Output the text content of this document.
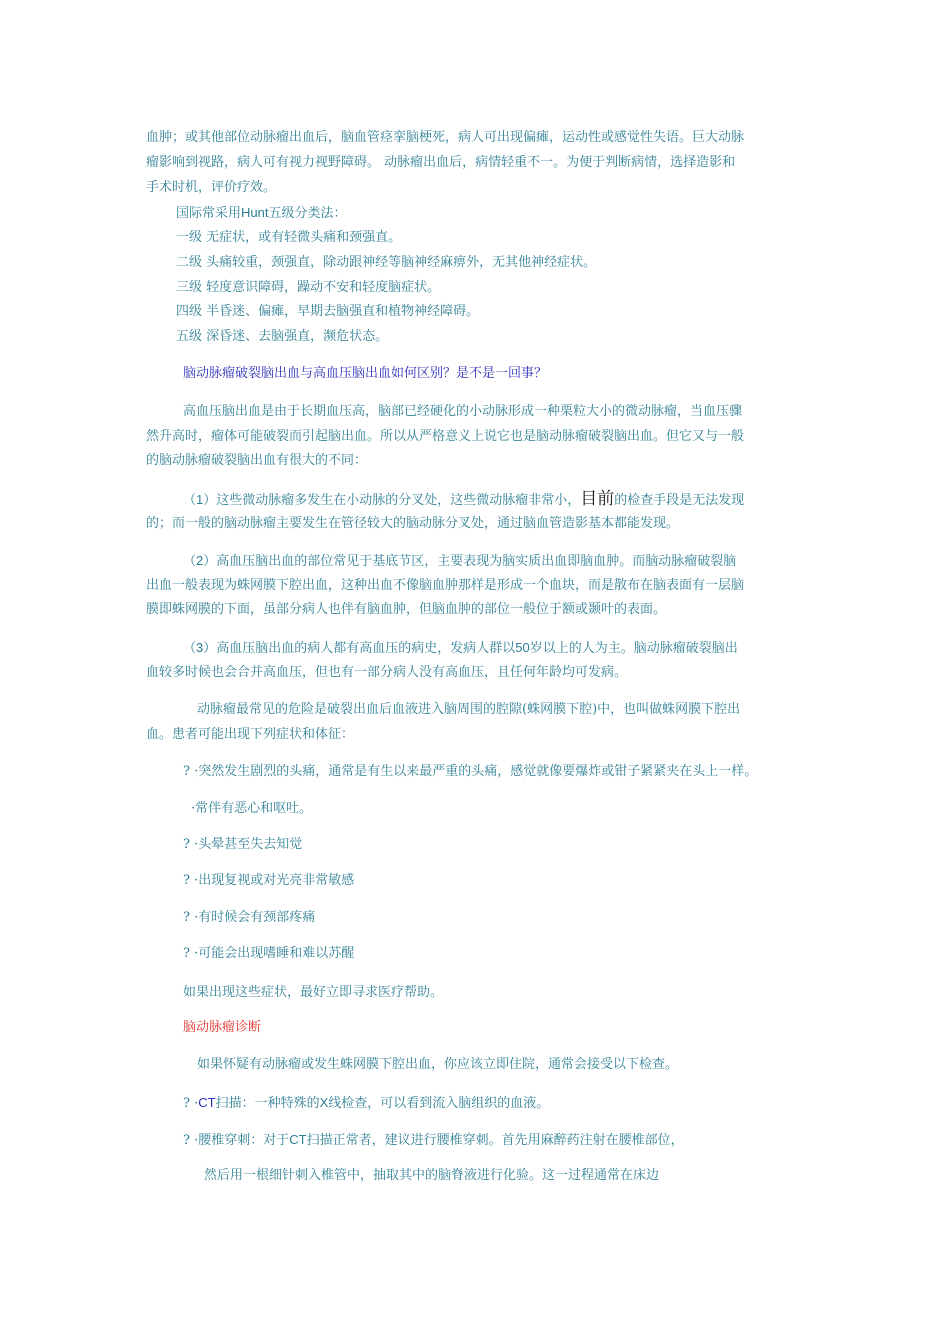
血肿；或其他部位动脉瘤出血后，脑血管痉挛脑梗死，病人可出现偏瘫，运动性或感觉性失语。巨大动脉
瘤影响到视路，病人可有视力视野障碍。 动脉瘤出血后，病情轻重不一。为便于判断病情，选择造影和
手术时机，评价疗效。
国际常采用Hunt五级分类法：
一级 无症状，或有轻微头痛和颈强直。
二级 头痛较重，颈强直，除动跟神经等脑神经麻痹外，无其他神经症状。
三级 轻度意识障碍，躁动不安和轻度脑症状。
四级 半昏迷、偏瘫，早期去脑强直和植物神经障碍。
五级 深昏迷、去脑强直，濒危状态。
脑动脉瘤破裂脑出血与高血压脑出血如何区别？是不是一回事？
高血压脑出血是由于长期血压高，脑部已经硬化的小动脉形成一种栗粒大小的微动脉瘤，当血压骤
然升高时，瘤体可能破裂而引起脑出血。所以从严格意义上说它也是脑动脉瘤破裂脑出血。但它又与一般
的脑动脉瘤破裂脑出血有很大的不同：
（1）这些微动脉瘤多发生在小动脉的分叉处，这些微动脉瘤非常小，目前的检查手段是无法发现
的；而一般的脑动脉瘤主要发生在管径较大的脑动脉分叉处，通过脑血管造影基本都能发现。
（2）高血压脑出血的部位常见于基底节区，主要表现为脑实质出血即脑血肿。而脑动脉瘤破裂脑
出血一般表现为蛛网膜下腔出血，这种出血不像脑血肿那样是形成一个血块，而是散布在脑表面有一层脑
膜即蛛网膜的下面，虽部分病人也伴有脑血肿，但脑血肿的部位一般位于额或颞叶的表面。
（3）高血压脑出血的病人都有高血压的病史，发病人群以50岁以上的人为主。脑动脉瘤破裂脑出
血较多时候也会合并高血压，但也有一部分病人没有高血压，且任何年龄均可发病。
动脉瘤最常见的危险是破裂出血后血液进入脑周围的腔隙(蛛网膜下腔)中，也叫做蛛网膜下腔出
血。患者可能出现下列症状和体征：
? ·突然发生剧烈的头痛，通常是有生以来最严重的头痛，感觉就像要爆炸或钳子紧紧夹在头上一样。
·常伴有恶心和呕吐。
? ·头晕甚至失去知觉
? ·出现复视或对光亮非常敏感
? ·有时候会有颈部疼痛
? ·可能会出现嗜睡和难以苏醒
如果出现这些症状，最好立即寻求医疗帮助。
脑动脉瘤诊断
如果怀疑有动脉瘤或发生蛛网膜下腔出血，你应该立即住院，通常会接受以下检查。
? ·CT扫描：一种特殊的X线检查，可以看到流入脑组织的血液。
? ·腰椎穿刺：对于CT扫描正常者，建议进行腰椎穿刺。首先用麻醉药注射在腰椎部位，
然后用一根细针刺入椎管中，抽取其中的脑脊液进行化验。这一过程通常在床边
